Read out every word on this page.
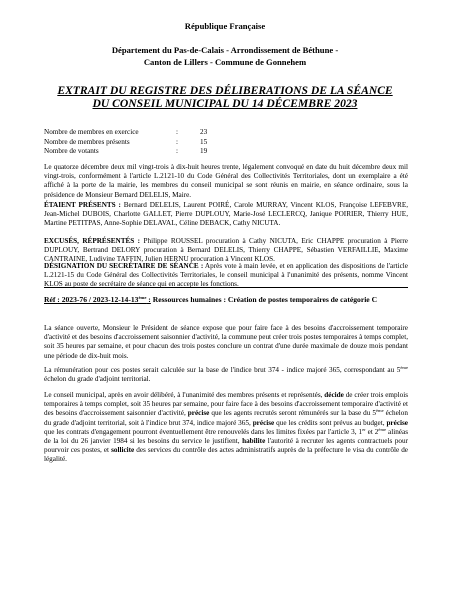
République Française
Département du Pas-de-Calais - Arrondissement de Béthune -
Canton de Lillers - Commune de Gonnehem
EXTRAIT DU REGISTRE DES DÉLIBERATIONS DE LA SÉANCE
DU CONSEIL MUNICIPAL DU 14 DÉCEMBRE 2023
Nombre de membres en exercice	:	23
Nombre de membres présents	:	15
Nombre de votants	:	19

Le quatorze décembre deux mil vingt-trois à dix-huit heures trente, légalement convoqué en date du huit décembre deux mil vingt-trois, conformément à l'article L.2121-10 du Code Général des Collectivités Territoriales, dont un exemplaire a été affiché à la porte de la mairie, les membres du conseil municipal se sont réunis en mairie, en séance ordinaire, sous la présidence de Monsieur Bernard DELELIS, Maire.

ÉTAIENT PRÉSENTS : Bernard DELELIS, Laurent POIRÉ, Carole MURRAY, Vincent KLOS, Françoise LEFEBVRE, Jean-Michel DUBOIS, Charlotte GALLET, Pierre DUPLOUY, Marie-José LECLERCQ, Janique POIRIER, Thierry HUE, Martine PETITPAS, Anne-Sophie DELAVAL, Céline DEBACK, Cathy NICUTA.

EXCUSÉS, RÉPRÉSENTÉS : Philippe ROUSSEL procuration à Cathy NICUTA, Eric CHAPPE procuration à Pierre DUPLOUY, Bertrand DELORY procuration à Bernard DELELIS, Thierry CHAPPE, Sébastien VERFAILLIE, Maxime CANTRAINE, Ludivine TAFFIN, Julien HERNU procuration à Vincent KLOS.

DÉSIGNATION DU SECRÉTAIRE DE SÉANCE : Après vote à main levée, et en application des dispositions de l'article L.2121-15 du Code Général des Collectivités Territoriales, le conseil municipal à l'unanimité des présents, nomme Vincent KLOS au poste de secrétaire de séance qui en accepte les fonctions.

Réf : 2023-76 / 2023-12-14-13ème : Ressources humaines : Création de postes temporaires de catégorie C

La séance ouverte, Monsieur le Président de séance expose que pour faire face à des besoins d'accroissement temporaire d'activité et des besoins d'accroissement saisonnier d'activité, la commune peut créer trois postes temporaires à temps complet, soit 35 heures par semaine, et pour chacun des trois postes conclure un contrat d'une durée maximale de douze mois pendant une période de dix-huit mois.

La rémunération pour ces postes serait calculée sur la base de l'indice brut 374 - indice majoré 365, correspondant au 5ème échelon du grade d'adjoint territorial.

Le conseil municipal, après en avoir délibéré, à l'unanimité des membres présents et représentés, décide de créer trois emplois temporaires à temps complet, soit 35 heures par semaine, pour faire face à des besoins d'accroissement temporaire d'activité et des besoins d'accroissement saisonnier d'activité, précise que les agents recrutés seront rémunérés sur la base du 5ème échelon du grade d'adjoint territorial, soit à l'indice brut 374, indice majoré 365, précise que les crédits sont prévus au budget, précise que les contrats d'engagement pourront éventuellement être renouvelés dans les limites fixées par l'article 3, 1er et 2ème alinéas de la loi du 26 janvier 1984 si les besoins du service le justifient, habilite l'autorité à recruter les agents contractuels pour pourvoir ces postes, et sollicite des services du contrôle des actes administratifs auprès de la préfecture le visa du contrôle de légalité.
